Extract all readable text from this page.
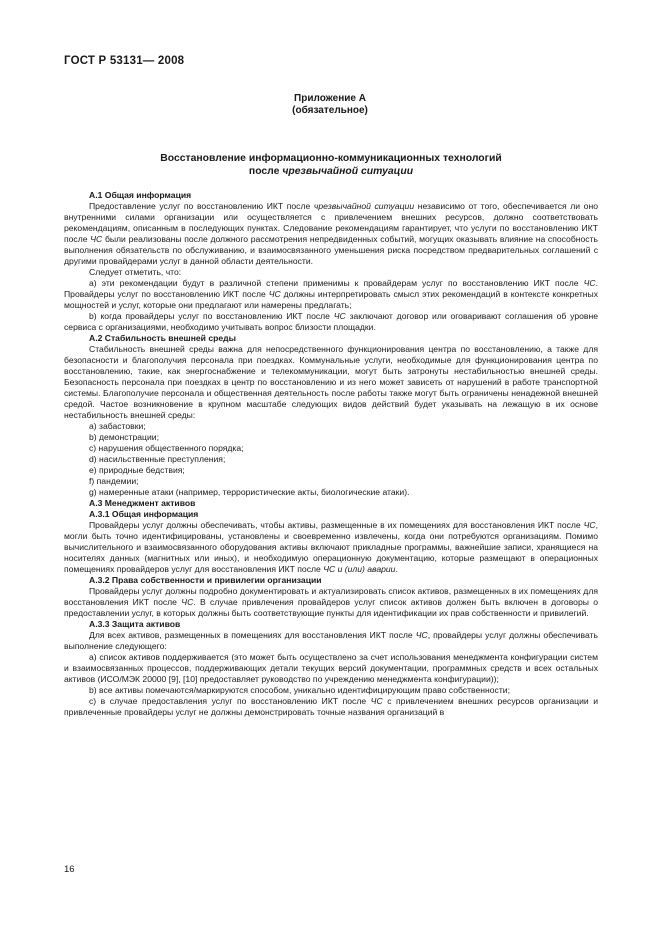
ГОСТ Р 53131— 2008
Приложение А
(обязательное)
Восстановление информационно-коммуникационных технологий
после чрезвычайной ситуации

А.1 Общая информация

Предоставление услуг по восстановлению ИКТ после чрезвычайной ситуации независимо от того, обеспечивается ли оно внутренними силами организации или осуществляется с привлечением внешних ресурсов, должно соответствовать рекомендациям, описанным в последующих пунктах. Следование рекомендациям гарантирует, что услуги по восстановлению ИКТ после ЧС были реализованы после должного рассмотрения непредвиденных событий, могущих оказывать влияние на способность выполнения обязательств по обслуживанию, и взаимосвязанного уменьшения риска посредством предварительных соглашений с другими провайдерами услуг в данной области деятельности.

Следует отметить, что:

а) эти рекомендации будут в различной степени применимы к провайдерам услуг по восстановлению ИКТ после ЧС. Провайдеры услуг по восстановлению ИКТ после ЧС должны интерпретировать смысл этих рекомендаций в контексте конкретных мощностей и услуг, которые они предлагают или намерены предлагать;

b) когда провайдеры услуг по восстановлению ИКТ после ЧС заключают договор или оговаривают соглашения об уровне сервиса с организациями, необходимо учитывать вопрос близости площадки.

А.2 Стабильность внешней среды

Стабильность внешней среды важна для непосредственного функционирования центра по восстановлению, а также для безопасности и благополучия персонала при поездках. Коммунальные услуги, необходимые для функционирования центра по восстановлению, такие, как энергоснабжение и телекоммуникации, могут быть затронуты нестабильностью внешней среды. Безопасность персонала при поездках в центр по восстановлению и из него может зависеть от нарушений в работе транспортной системы. Благополучие персонала и общественная деятельность после работы также могут быть ограничены ненадежной внешней средой. Частое возникновение в крупном масштабе следующих видов действий будет указывать на лежащую в их основе нестабильность внешней среды:

а) забастовки;

b) демонстрации;

с) нарушения общественного порядка;

d) насильственные преступления;

е) природные бедствия;

f) пандемии;

g) намеренные атаки (например, террористические акты, биологические атаки).

А.3 Менеджмент активов

А.3.1 Общая информация

Провайдеры услуг должны обеспечивать, чтобы активы, размещенные в их помещениях для восстановления ИКТ после ЧС, могли быть точно идентифицированы, установлены и своевременно извлечены, когда они потребуются организациям. Помимо вычислительного и взаимосвязанного оборудования активы включают прикладные программы, важнейшие записи, хранящиеся на носителях данных (магнитных или иных), и необходимую операционную документацию, которые размещают в операционных помещениях провайдеров услуг для восстановления ИКТ после ЧС и (или) аварии.

А.3.2 Права собственности и привилегии организации

Провайдеры услуг должны подробно документировать и актуализировать список активов, размещенных в их помещениях для восстановления ИКТ после ЧС. В случае привлечения провайдеров услуг список активов должен быть включен в договоры о предоставлении услуг, в которых должны быть соответствующие пункты для идентификации их прав собственности и привилегий.

А.3.3 Защита активов

Для всех активов, размещенных в помещениях для восстановления ИКТ после ЧС, провайдеры услуг должны обеспечивать выполнение следующего:

а) список активов поддерживается (это может быть осуществлено за счет использования менеджмента конфигурации систем и взаимосвязанных процессов, поддерживающих детали текущих версий документации, программных средств и всех остальных активов (ИСО/МЭК 20000 [9], [10] предоставляет руководство по учреждению менеджмента конфигурации));

b) все активы помечаются/маркируются способом, уникально идентифицирующим право собственности;

с) в случае предоставления услуг по восстановлению ИКТ после ЧС с привлечением внешних ресурсов организации и привлеченные провайдеры услуг не должны демонстрировать точные названия организаций в

16
